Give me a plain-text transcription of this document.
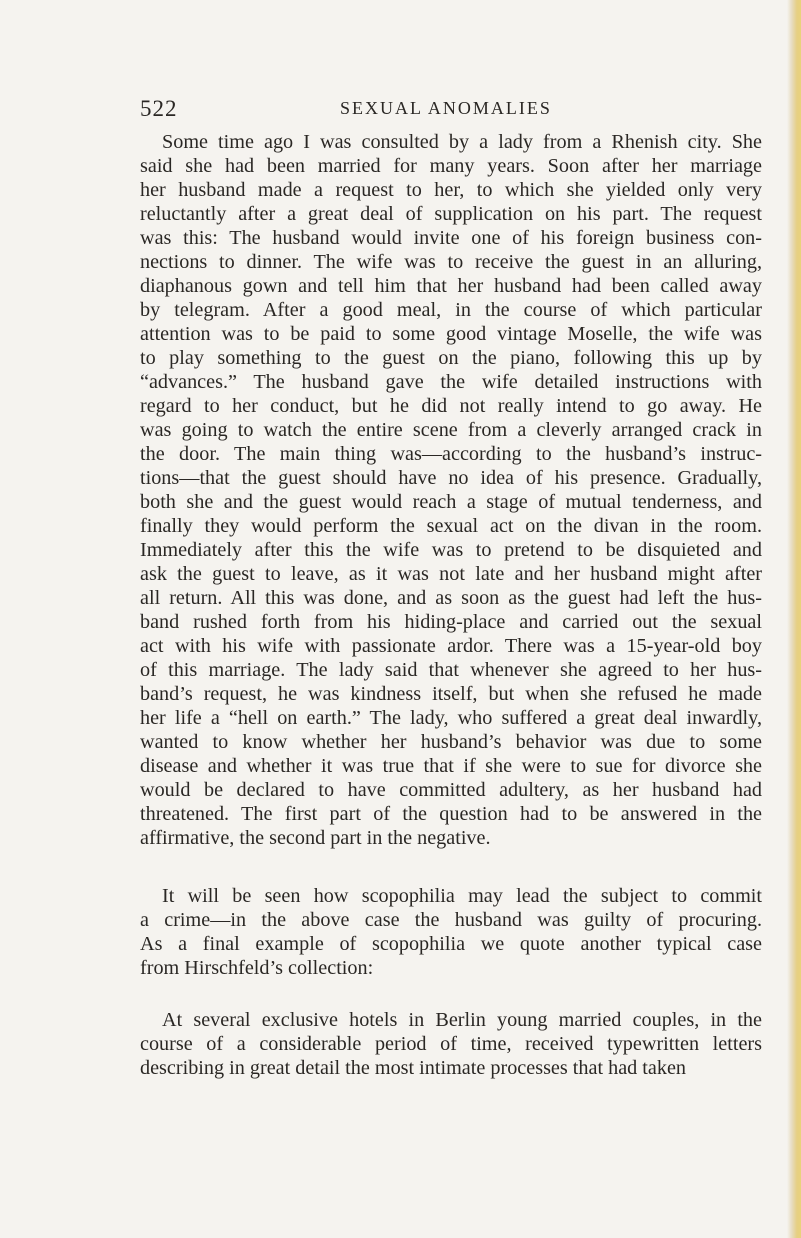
522	SEXUAL ANOMALIES

Some time ago I was consulted by a lady from a Rhenish city. She
said she had been married for many years. Soon after her marriage
her husband made a request to her, to which she yielded only very
reluctantly after a great deal of supplication on his part. The request
was this: The husband would invite one of his foreign business con-
nections to dinner. The wife was to receive the guest in an alluring,
diaphanous gown and tell him that her husband had been called away
by telegram. After a good meal, in the course of which particular
attention was to be paid to some good vintage Moselle, the wife was
to play something to the guest on the piano, following this up by
“advances.” The husband gave the wife detailed instructions with
regard to her conduct, but he did not really intend to go away. He
was going to watch the entire scene from a cleverly arranged crack in
the door. The main thing was—according to the husband’s instruc-
tions—that the guest should have no idea of his presence. Gradually,
both she and the guest would reach a stage of mutual tenderness, and
finally they would perform the sexual act on the divan in the room.
Immediately after this the wife was to pretend to be disquieted and
ask the guest to leave, as it was not late and her husband might after
all return. All this was done, and as soon as the guest had left the hus-
band rushed forth from his hiding-place and carried out the sexual
act with his wife with passionate ardor. There was a 15-year-old boy
of this marriage. The lady said that whenever she agreed to her hus-
band’s request, he was kindness itself, but when she refused he made
her life a “hell on earth.” The lady, who suffered a great deal inwardly,
wanted to know whether her husband’s behavior was due to some
disease and whether it was true that if she were to sue for divorce she
would be declared to have committed adultery, as her husband had
threatened. The first part of the question had to be answered in the
affirmative, the second part in the negative.

It will be seen how scopophilia may lead the subject to commit
a crime—in the above case the husband was guilty of procuring.
As a final example of scopophilia we quote another typical case
from Hirschfeld’s collection:

At several exclusive hotels in Berlin young married couples, in the
course of a considerable period of time, received typewritten letters
describing in great detail the most intimate processes that had taken
